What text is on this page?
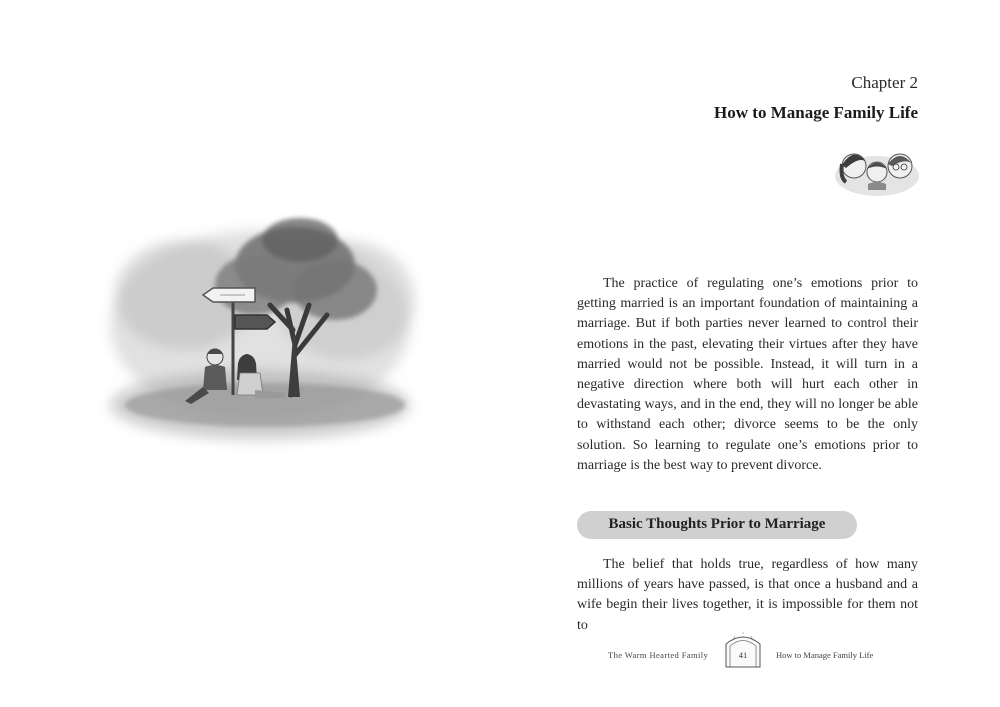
Chapter 2
How to Manage Family Life

The practice of regulating one’s emotions prior to getting married is an important foundation of maintaining a marriage. But if both parties never learned to control their emotions in the past, elevating their virtues after they have married would not be possible. Instead, it will turn in a negative direction where both will hurt each other in devastating ways, and in the end, they will no longer be able to withstand each other; divorce seems to be the only solution. So learning to regulate one’s emotions prior to marriage is the best way to prevent divorce.

Basic Thoughts Prior to Marriage

The belief that holds true, regardless of how many millions of years have passed, is that once a husband and a wife begin their lives together, it is impossible for them not to

The Warm Hearted Family	41	How to Manage Family Life
